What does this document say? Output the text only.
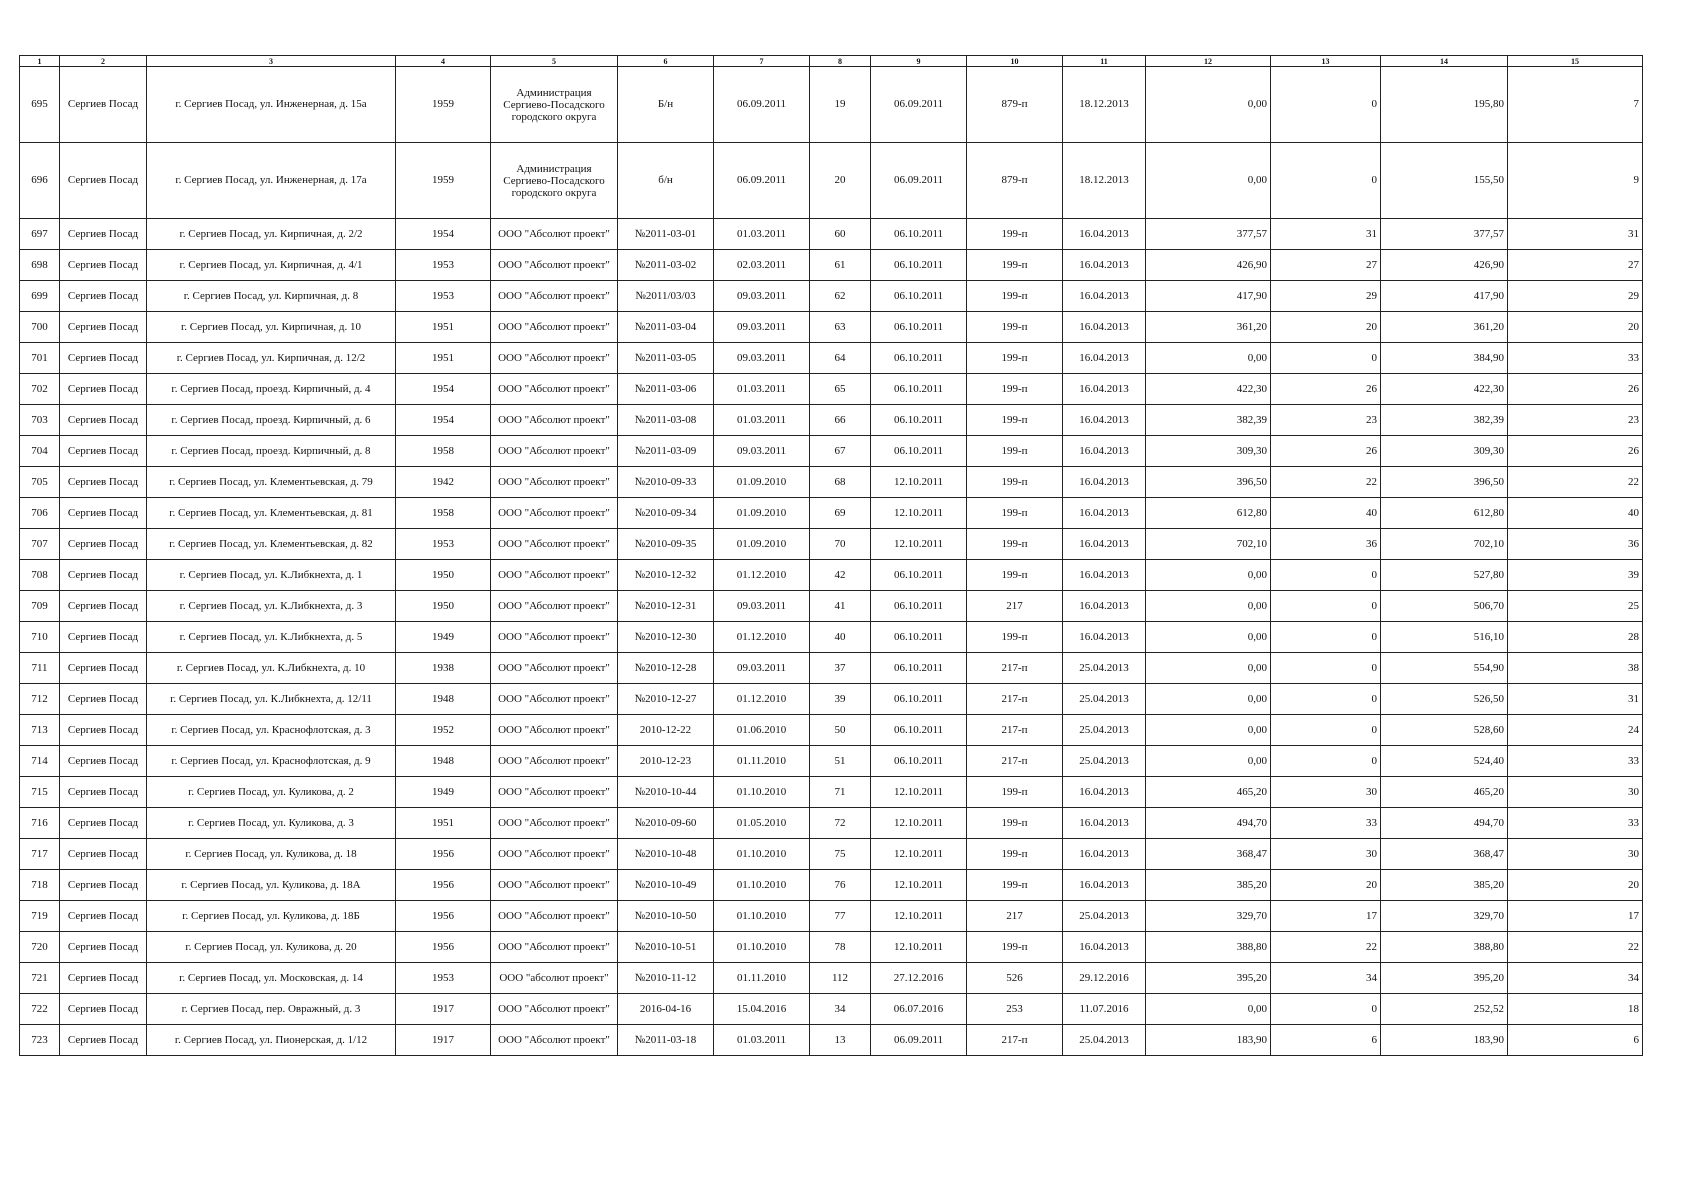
1	2	3	4	5	6	7	8	9	10	11	12	13	14	15
695	Сергиев Посад	г. Сергиев Посад, ул. Инженерная, д. 15а	1959	Администрация Сергиево-Посадского городского округа	Б/н	06.09.2011	19	06.09.2011	879-п	18.12.2013	0,00	0	195,80	7
696	Сергиев Посад	г. Сергиев Посад, ул. Инженерная, д. 17а	1959	Администрация Сергиево-Посадского городского округа	б/н	06.09.2011	20	06.09.2011	879-п	18.12.2013	0,00	0	155,50	9
697	Сергиев Посад	г. Сергиев Посад, ул. Кирпичная, д. 2/2	1954	ООО "Абсолют проект"	№2011-03-01	01.03.2011	60	06.10.2011	199-п	16.04.2013	377,57	31	377,57	31
698	Сергиев Посад	г. Сергиев Посад, ул. Кирпичная, д. 4/1	1953	ООО "Абсолют проект"	№2011-03-02	02.03.2011	61	06.10.2011	199-п	16.04.2013	426,90	27	426,90	27
699	Сергиев Посад	г. Сергиев Посад, ул. Кирпичная, д. 8	1953	ООО "Абсолют проект"	№2011/03/03	09.03.2011	62	06.10.2011	199-п	16.04.2013	417,90	29	417,90	29
700	Сергиев Посад	г. Сергиев Посад, ул. Кирпичная, д. 10	1951	ООО "Абсолют проект"	№2011-03-04	09.03.2011	63	06.10.2011	199-п	16.04.2013	361,20	20	361,20	20
701	Сергиев Посад	г. Сергиев Посад, ул. Кирпичная, д. 12/2	1951	ООО "Абсолют проект"	№2011-03-05	09.03.2011	64	06.10.2011	199-п	16.04.2013	0,00	0	384,90	33
702	Сергиев Посад	г. Сергиев Посад, проезд. Кирпичный, д. 4	1954	ООО "Абсолют проект"	№2011-03-06	01.03.2011	65	06.10.2011	199-п	16.04.2013	422,30	26	422,30	26
703	Сергиев Посад	г. Сергиев Посад, проезд. Кирпичный, д. 6	1954	ООО "Абсолют проект"	№2011-03-08	01.03.2011	66	06.10.2011	199-п	16.04.2013	382,39	23	382,39	23
704	Сергиев Посад	г. Сергиев Посад, проезд. Кирпичный, д. 8	1958	ООО "Абсолют проект"	№2011-03-09	09.03.2011	67	06.10.2011	199-п	16.04.2013	309,30	26	309,30	26
705	Сергиев Посад	г. Сергиев Посад, ул. Клементьевская, д. 79	1942	ООО "Абсолют проект"	№2010-09-33	01.09.2010	68	12.10.2011	199-п	16.04.2013	396,50	22	396,50	22
706	Сергиев Посад	г. Сергиев Посад, ул. Клементьевская, д. 81	1958	ООО "Абсолют проект"	№2010-09-34	01.09.2010	69	12.10.2011	199-п	16.04.2013	612,80	40	612,80	40
707	Сергиев Посад	г. Сергиев Посад, ул. Клементьевская, д. 82	1953	ООО "Абсолют проект"	№2010-09-35	01.09.2010	70	12.10.2011	199-п	16.04.2013	702,10	36	702,10	36
708	Сергиев Посад	г. Сергиев Посад, ул. К.Либкнехта, д. 1	1950	ООО "Абсолют проект"	№2010-12-32	01.12.2010	42	06.10.2011	199-п	16.04.2013	0,00	0	527,80	39
709	Сергиев Посад	г. Сергиев Посад, ул. К.Либкнехта, д. 3	1950	ООО "Абсолют проект"	№2010-12-31	09.03.2011	41	06.10.2011	217	16.04.2013	0,00	0	506,70	25
710	Сергиев Посад	г. Сергиев Посад, ул. К.Либкнехта, д. 5	1949	ООО "Абсолют проект"	№2010-12-30	01.12.2010	40	06.10.2011	199-п	16.04.2013	0,00	0	516,10	28
711	Сергиев Посад	г. Сергиев Посад, ул. К.Либкнехта, д. 10	1938	ООО "Абсолют проект"	№2010-12-28	09.03.2011	37	06.10.2011	217-п	25.04.2013	0,00	0	554,90	38
712	Сергиев Посад	г. Сергиев Посад, ул. К.Либкнехта, д. 12/11	1948	ООО "Абсолют проект"	№2010-12-27	01.12.2010	39	06.10.2011	217-п	25.04.2013	0,00	0	526,50	31
713	Сергиев Посад	г. Сергиев Посад, ул. Краснофлотская, д. 3	1952	ООО "Абсолют проект"	2010-12-22	01.06.2010	50	06.10.2011	217-п	25.04.2013	0,00	0	528,60	24
714	Сергиев Посад	г. Сергиев Посад, ул. Краснофлотская, д. 9	1948	ООО "Абсолют проект"	2010-12-23	01.11.2010	51	06.10.2011	217-п	25.04.2013	0,00	0	524,40	33
715	Сергиев Посад	г. Сергиев Посад, ул. Куликова, д. 2	1949	ООО "Абсолют проект"	№2010-10-44	01.10.2010	71	12.10.2011	199-п	16.04.2013	465,20	30	465,20	30
716	Сергиев Посад	г. Сергиев Посад, ул. Куликова, д. 3	1951	ООО "Абсолют проект"	№2010-09-60	01.05.2010	72	12.10.2011	199-п	16.04.2013	494,70	33	494,70	33
717	Сергиев Посад	г. Сергиев Посад, ул. Куликова, д. 18	1956	ООО "Абсолют проект"	№2010-10-48	01.10.2010	75	12.10.2011	199-п	16.04.2013	368,47	30	368,47	30
718	Сергиев Посад	г. Сергиев Посад, ул. Куликова, д. 18А	1956	ООО "Абсолют проект"	№2010-10-49	01.10.2010	76	12.10.2011	199-п	16.04.2013	385,20	20	385,20	20
719	Сергиев Посад	г. Сергиев Посад, ул. Куликова, д. 18Б	1956	ООО "Абсолют проект"	№2010-10-50	01.10.2010	77	12.10.2011	217	25.04.2013	329,70	17	329,70	17
720	Сергиев Посад	г. Сергиев Посад, ул. Куликова, д. 20	1956	ООО "Абсолют проект"	№2010-10-51	01.10.2010	78	12.10.2011	199-п	16.04.2013	388,80	22	388,80	22
721	Сергиев Посад	г. Сергиев Посад, ул. Московская, д. 14	1953	ООО "абсолют проект"	№2010-11-12	01.11.2010	112	27.12.2016	526	29.12.2016	395,20	34	395,20	34
722	Сергиев Посад	г. Сергиев Посад, пер. Овражный, д. 3	1917	ООО "Абсолют проект"	2016-04-16	15.04.2016	34	06.07.2016	253	11.07.2016	0,00	0	252,52	18
723	Сергиев Посад	г. Сергиев Посад, ул. Пионерская, д. 1/12	1917	ООО "Абсолют проект"	№2011-03-18	01.03.2011	13	06.09.2011	217-п	25.04.2013	183,90	6	183,90	6
